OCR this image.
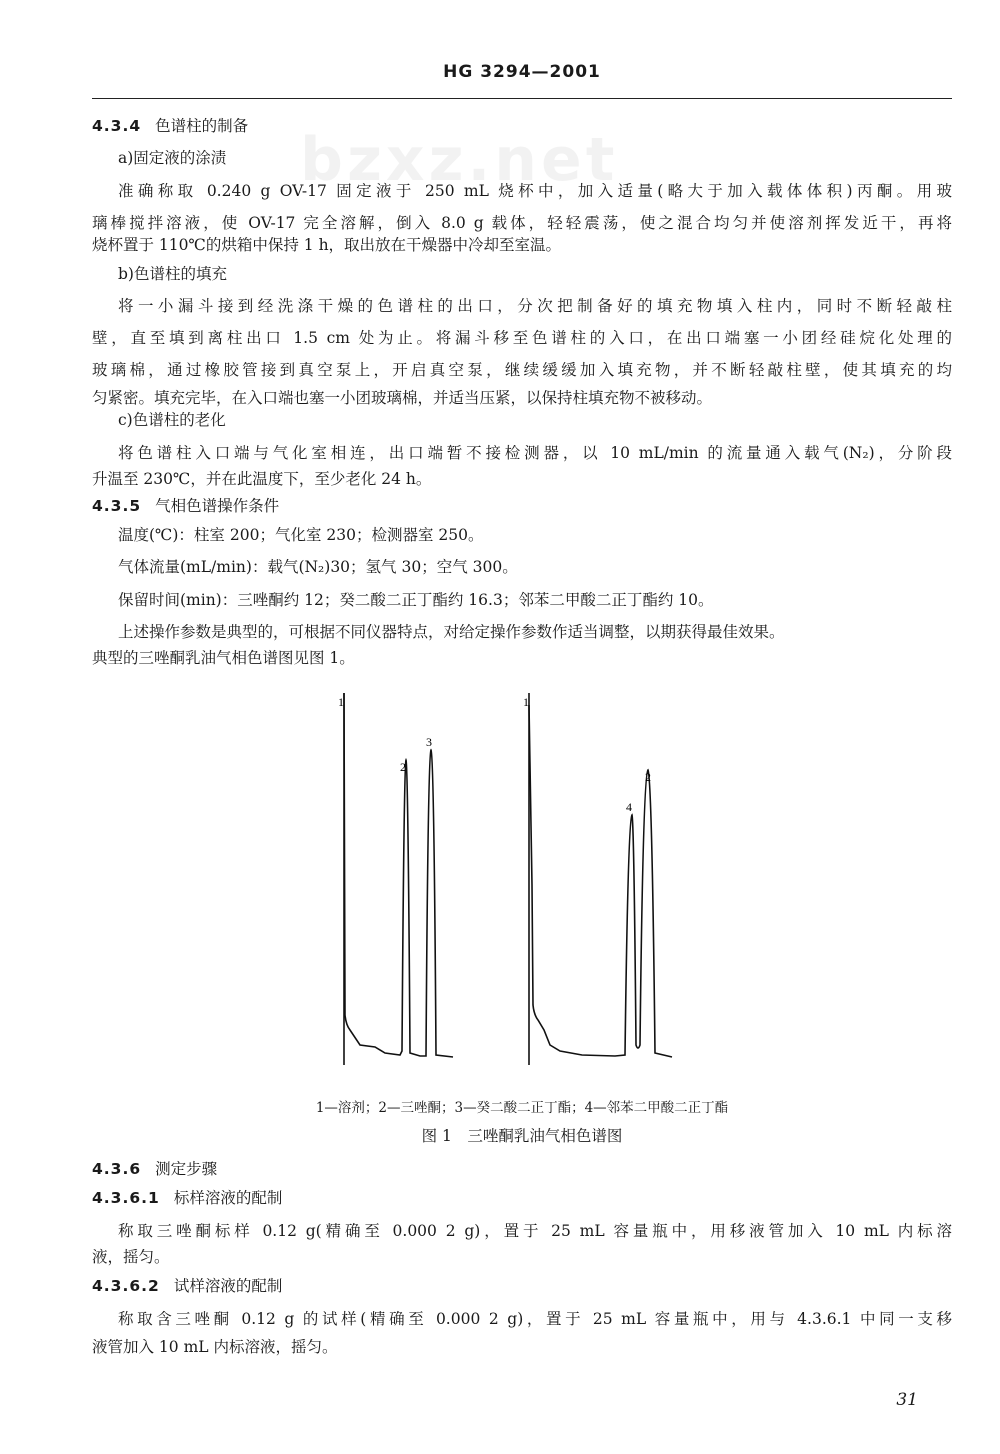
bzxz.net
HG 3294—2001
4.3.4 色谱柱的制备
a)固定液的涂渍
准确称取 0.240 g OV-17 固定液于 250 mL 烧杯中，加入适量(略大于加入载体体积)丙酮。用玻
璃棒搅拌溶液，使 OV-17 完全溶解，倒入 8.0 g 载体，轻轻震荡，使之混合均匀并使溶剂挥发近干，再将
烧杯置于 110℃的烘箱中保持 1 h，取出放在干燥器中冷却至室温。
b)色谱柱的填充
将一小漏斗接到经洗涤干燥的色谱柱的出口，分次把制备好的填充物填入柱内，同时不断轻敲柱
壁，直至填到离柱出口 1.5 cm 处为止。将漏斗移至色谱柱的入口，在出口端塞一小团经硅烷化处理的
玻璃棉，通过橡胶管接到真空泵上，开启真空泵，继续缓缓加入填充物，并不断轻敲柱壁，使其填充的均
匀紧密。填充完毕，在入口端也塞一小团玻璃棉，并适当压紧，以保持柱填充物不被移动。
c)色谱柱的老化
将色谱柱入口端与气化室相连，出口端暂不接检测器，以 10 mL/min 的流量通入载气(N₂)，分阶段
升温至 230℃，并在此温度下，至少老化 24 h。
4.3.5 气相色谱操作条件
温度(℃)：柱室 200；气化室 230；检测器室 250。
气体流量(mL/min)：载气(N₂)30；氢气 30；空气 300。
保留时间(min)：三唑酮约 12；癸二酸二正丁酯约 16.3；邻苯二甲酸二正丁酯约 10。
上述操作参数是典型的，可根据不同仪器特点，对给定操作参数作适当调整，以期获得最佳效果。
典型的三唑酮乳油气相色谱图见图 1。
1
2
3
1
4
2
1—溶剂；2—三唑酮；3—癸二酸二正丁酯；4—邻苯二甲酸二正丁酯
图 1　三唑酮乳油气相色谱图
4.3.6 测定步骤
4.3.6.1 标样溶液的配制
称取三唑酮标样 0.12 g(精确至 0.000 2 g)，置于 25 mL 容量瓶中，用移液管加入 10 mL 内标溶
液，摇匀。
4.3.6.2 试样溶液的配制
称取含三唑酮 0.12 g 的试样(精确至 0.000 2 g)，置于 25 mL 容量瓶中，用与 4.3.6.1 中同一支移
液管加入 10 mL 内标溶液，摇匀。
31
